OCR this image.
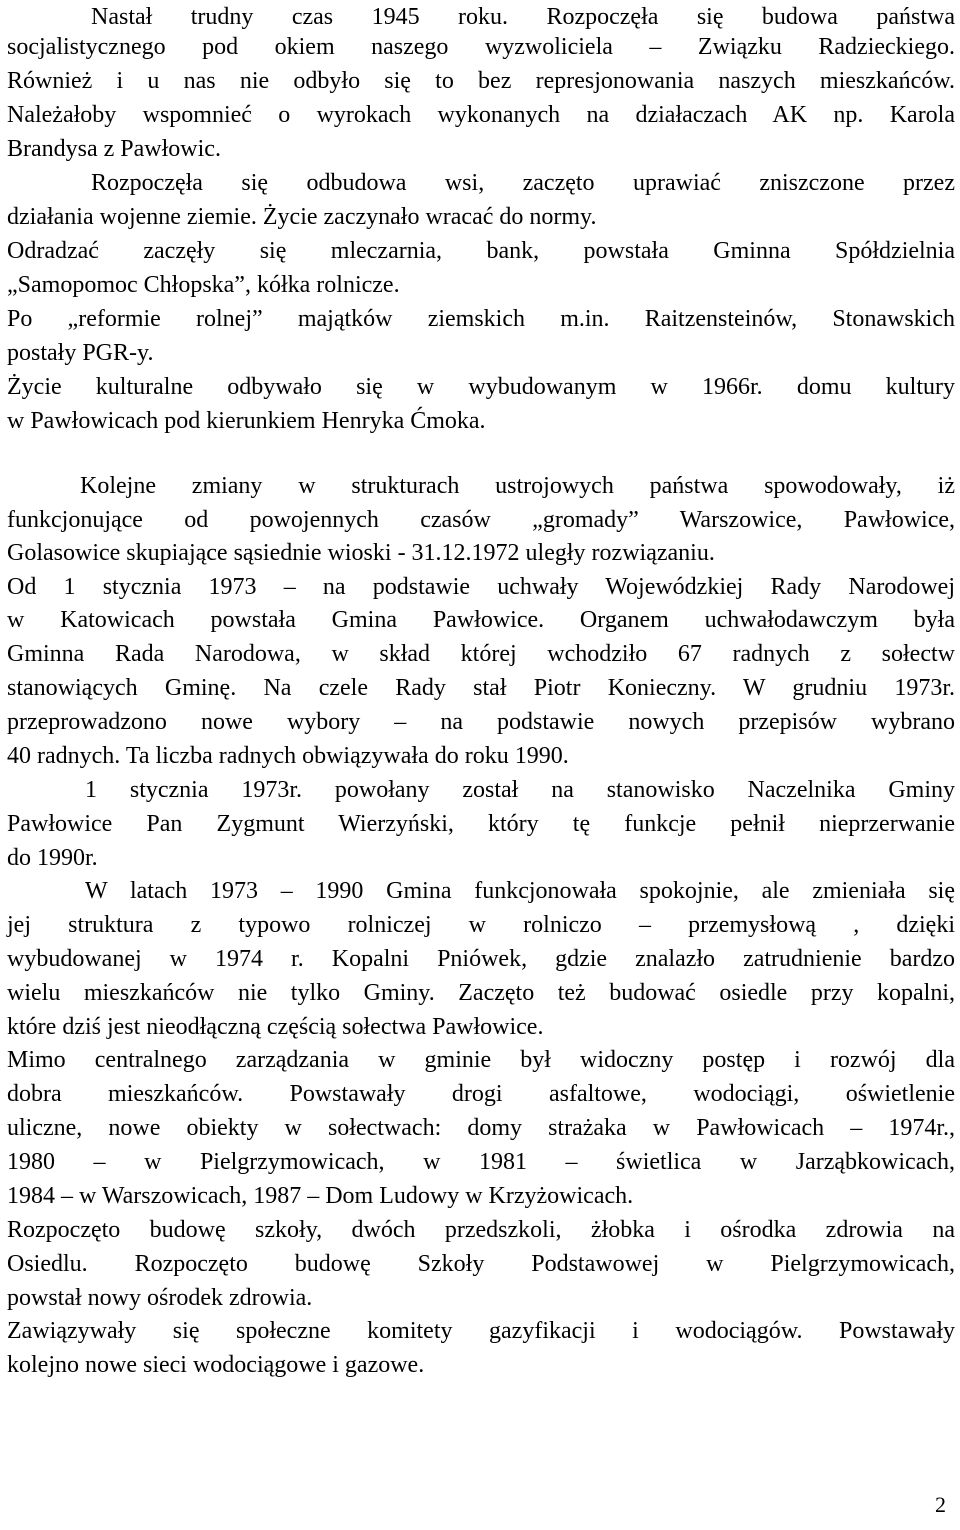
Nastał trudny czas 1945 roku. Rozpoczęła się budowa państwa
socjalistycznego pod okiem naszego wyzwoliciela – Związku Radzieckiego.
Również i u nas nie odbyło się to bez represjonowania naszych mieszkańców.
Należałoby wspomnieć o wyrokach wykonanych na działaczach AK np. Karola
Brandysa z Pawłowic.
Rozpoczęła się odbudowa wsi, zaczęto uprawiać zniszczone przez
działania wojenne ziemie. Życie zaczynało wracać do normy.
Odradzać zaczęły się mleczarnia, bank, powstała Gminna Spółdzielnia
„Samopomoc Chłopska”, kółka rolnicze.
Po „reformie rolnej” majątków ziemskich m.in. Raitzensteinów, Stonawskich
postały PGR-y.
Życie kulturalne odbywało się w wybudowanym w 1966r. domu kultury
w Pawłowicach pod kierunkiem Henryka Ćmoka.
Kolejne zmiany w strukturach ustrojowych państwa spowodowały, iż
funkcjonujące od powojennych czasów „gromady” Warszowice, Pawłowice,
Golasowice skupiające sąsiednie wioski - 31.12.1972 uległy rozwiązaniu.
Od 1 stycznia 1973 – na podstawie uchwały Wojewódzkiej Rady Narodowej
w Katowicach powstała Gmina Pawłowice. Organem uchwałodawczym była
Gminna Rada Narodowa, w skład której wchodziło 67 radnych z sołectw
stanowiących Gminę. Na czele Rady stał Piotr Konieczny. W grudniu 1973r.
przeprowadzono nowe wybory – na podstawie nowych przepisów wybrano
40 radnych. Ta liczba radnych obwiązywała do roku 1990.
1 stycznia 1973r. powołany został na stanowisko Naczelnika Gminy
Pawłowice Pan Zygmunt Wierzyński, który tę funkcje pełnił nieprzerwanie
do 1990r.
W latach 1973 – 1990 Gmina funkcjonowała spokojnie, ale zmieniała się
jej struktura z typowo rolniczej w rolniczo – przemysłową , dzięki
wybudowanej w 1974 r. Kopalni Pniówek, gdzie znalazło zatrudnienie bardzo
wielu mieszkańców nie tylko Gminy. Zaczęto też budować osiedle przy kopalni,
które dziś jest nieodłączną częścią sołectwa Pawłowice.
Mimo centralnego zarządzania w gminie był widoczny postęp i rozwój dla
dobra mieszkańców. Powstawały drogi asfaltowe, wodociągi, oświetlenie
uliczne, nowe obiekty w sołectwach: domy strażaka w Pawłowicach – 1974r.,
1980 – w Pielgrzymowicach, w 1981 – świetlica w Jarząbkowicach,
1984 – w Warszowicach, 1987 – Dom Ludowy w Krzyżowicach.
Rozpoczęto budowę szkoły, dwóch przedszkoli, żłobka i ośrodka zdrowia na
Osiedlu. Rozpoczęto budowę Szkoły Podstawowej w Pielgrzymowicach,
powstał nowy ośrodek zdrowia.
Zawiązywały się społeczne komitety gazyfikacji i wodociągów. Powstawały
kolejno nowe sieci wodociągowe i gazowe.
2
